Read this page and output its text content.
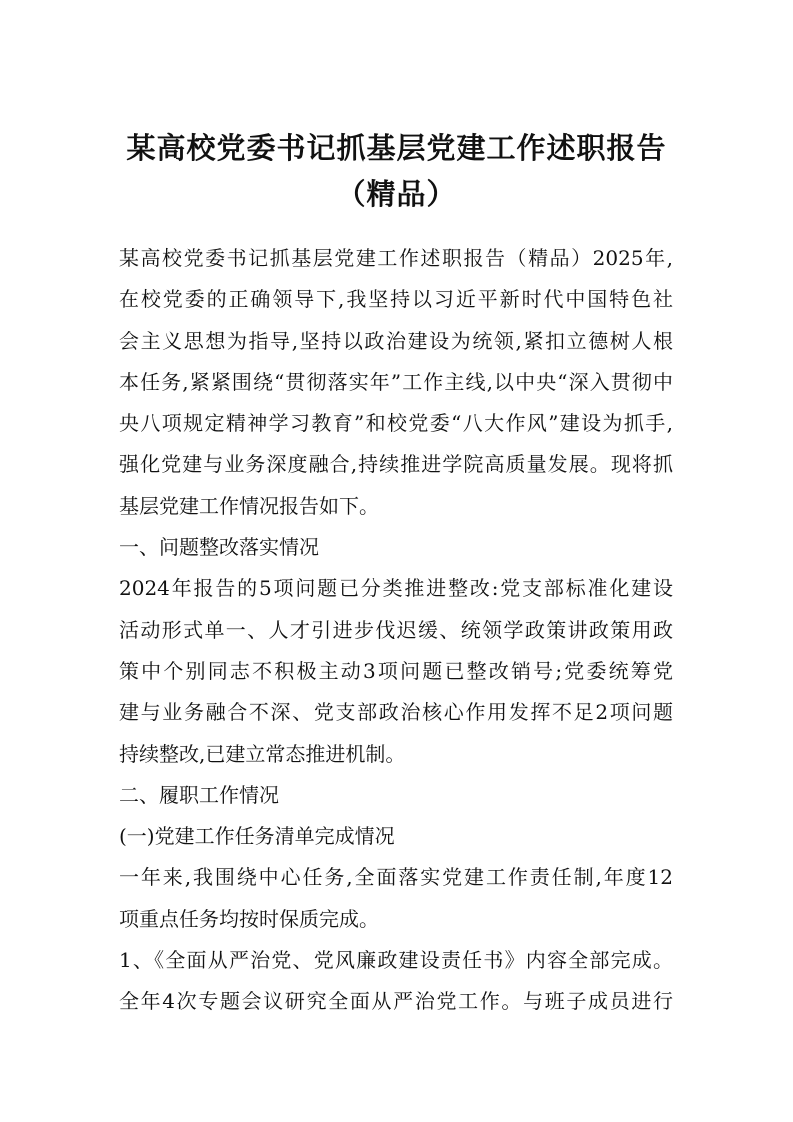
某高校党委书记抓基层党建工作述职报告
（精品）
某高校党委书记抓基层党建工作述职报告（精品）2025年,
在校党委的正确领导下,我坚持以习近平新时代中国特色社
会主义思想为指导,坚持以政治建设为统领,紧扣立德树人根
本任务,紧紧围绕“贯彻落实年”工作主线,以中央“深入贯彻中
央八项规定精神学习教育”和校党委“八大作风”建设为抓手,
强化党建与业务深度融合,持续推进学院高质量发展。现将抓
基层党建工作情况报告如下。
一、问题整改落实情况
2024年报告的5项问题已分类推进整改:党支部标准化建设
活动形式单一、人才引进步伐迟缓、统领学政策讲政策用政
策中个别同志不积极主动3项问题已整改销号;党委统筹党
建与业务融合不深、党支部政治核心作用发挥不足2项问题
持续整改,已建立常态推进机制。
二、履职工作情况
(一)党建工作任务清单完成情况
一年来,我围绕中心任务,全面落实党建工作责任制,年度12
项重点任务均按时保质完成。
1、《全面从严治党、党风廉政建设责任书》内容全部完成。
全年4次专题会议研究全面从严治党工作。与班子成员进行
